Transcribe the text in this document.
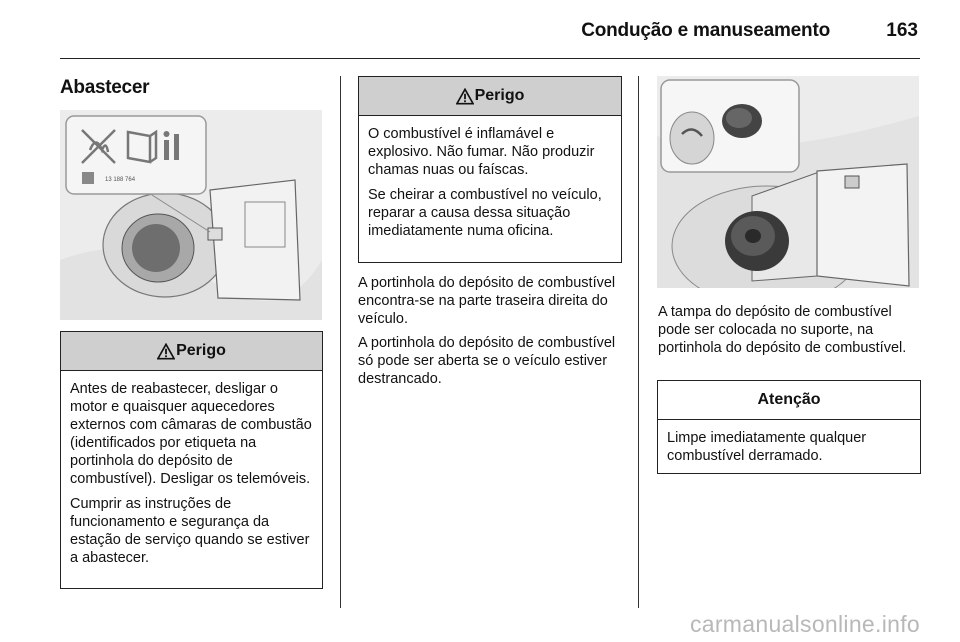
Condução e manuseamento	163
Abastecer
13 188 764
Perigo

Antes de reabastecer, desligar o motor e quaisquer aquecedores externos com câmaras de combustão (identificados por etiqueta na portinhola do depósito de combustível). Desligar os telemóveis.

Cumprir as instruções de funcionamento e segurança da estação de serviço quando se estiver a abastecer.

Perigo

O combustível é inflamável e explosivo. Não fumar. Não produzir chamas nuas ou faíscas.

Se cheirar a combustível no veículo, reparar a causa dessa situação imediatamente numa oficina.

A portinhola do depósito de combustível encontra-se na parte traseira direita do veículo.

A portinhola do depósito de combustível só pode ser aberta se o veículo estiver destrancado.

A tampa do depósito de combustível pode ser colocada no suporte, na portinhola do depósito de combustível.

Atenção

Limpe imediatamente qualquer combustível derramado.

carmanualsonline.info
